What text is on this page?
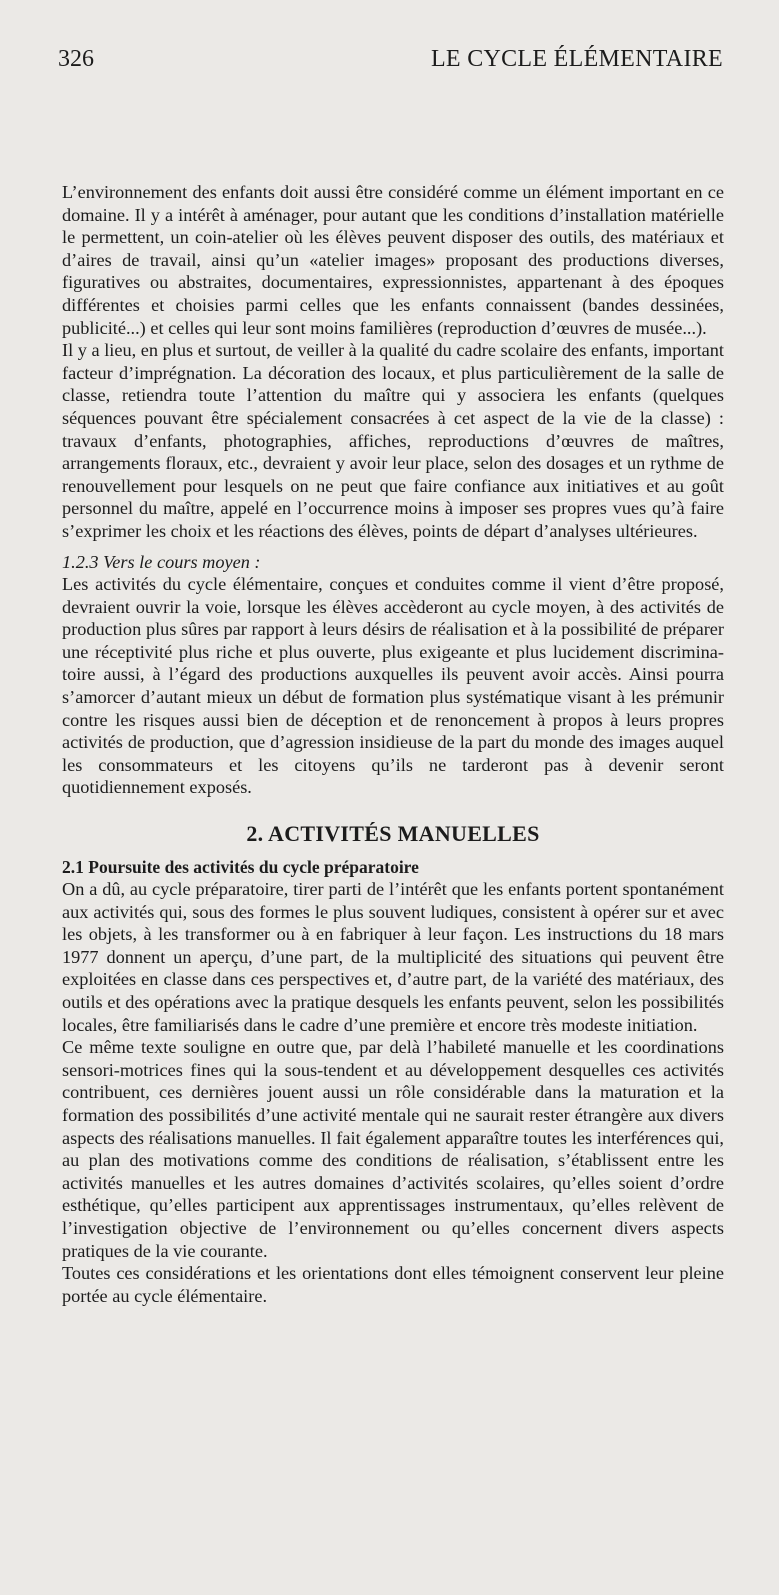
326	LE CYCLE ÉLÉMENTAIRE

L’environnement des enfants doit aussi être considéré comme un élément important en ce domaine. Il y a intérêt à aménager, pour autant que les conditions d’installation matérielle le permettent, un coin-atelier où les élèves peuvent disposer des outils, des matériaux et d’aires de travail, ainsi qu’un «atelier images» proposant des productions diverses, figuratives ou abstraites, documentaires, expressionnistes, appartenant à des époques différentes et choisies parmi celles que les enfants connaissent (bandes dessinées, publicité...) et celles qui leur sont moins familières (reproduction d’œuvres de musée...).

Il y a lieu, en plus et surtout, de veiller à la qualité du cadre scolaire des enfants, important facteur d’imprégnation. La décoration des locaux, et plus particulièrement de la salle de classe, retiendra toute l’attention du maître qui y associera les enfants (quelques séquences pouvant être spécialement consacrées à cet aspect de la vie de la classe) : travaux d’enfants, photographies, affiches, reproductions d’œuvres de maîtres, arrangements floraux, etc., devraient y avoir leur place, selon des dosages et un rythme de renouvellement pour lesquels on ne peut que faire confiance aux initiatives et au goût personnel du maître, appelé en l’occurrence moins à imposer ses propres vues qu’à faire s’exprimer les choix et les réactions des élèves, points de départ d’analyses ultérieures.

1.2.3 Vers le cours moyen :

Les activités du cycle élémentaire, conçues et conduites comme il vient d’être proposé, devraient ouvrir la voie, lorsque les élèves accèderont au cycle moyen, à des activités de production plus sûres par rapport à leurs désirs de réalisation et à la possibilité de préparer une réceptivité plus riche et plus ouverte, plus exigeante et plus lucidement discriminatoire aussi, à l’égard des productions auxquelles ils peuvent avoir accès. Ainsi pourra s’amorcer d’autant mieux un début de formation plus systématique visant à les prémunir contre les risques aussi bien de déception et de renoncement à propos à leurs propres activités de production, que d’agression insidieuse de la part du monde des images auquel les consommateurs et les citoyens qu’ils ne tarderont pas à devenir seront quotidiennement exposés.

2. ACTIVITÉS MANUELLES

2.1 Poursuite des activités du cycle préparatoire

On a dû, au cycle préparatoire, tirer parti de l’intérêt que les enfants portent spontanément aux activités qui, sous des formes le plus souvent ludiques, consistent à opérer sur et avec les objets, à les transformer ou à en fabriquer à leur façon. Les instructions du 18 mars 1977 donnent un aperçu, d’une part, de la multiplicité des situations qui peuvent être exploitées en classe dans ces perspectives et, d’autre part, de la variété des matériaux, des outils et des opérations avec la pratique desquels les enfants peuvent, selon les possibilités locales, être familiarisés dans le cadre d’une première et encore très modeste initiation.

Ce même texte souligne en outre que, par delà l’habileté manuelle et les coordinations sensori-motrices fines qui la sous-tendent et au développement desquelles ces activités contribuent, ces dernières jouent aussi un rôle considérable dans la maturation et la formation des possibilités d’une activité mentale qui ne saurait rester étrangère aux divers aspects des réalisations manuelles. Il fait également apparaître toutes les interférences qui, au plan des motivations comme des conditions de réalisation, s’établissent entre les activités manuelles et les autres domaines d’activités scolaires, qu’elles soient d’ordre esthétique, qu’elles participent aux apprentissages instrumentaux, qu’elles relèvent de l’investigation objective de l’environnement ou qu’elles concernent divers aspects pratiques de la vie courante.

Toutes ces considérations et les orientations dont elles témoignent conservent leur pleine portée au cycle élémentaire.
